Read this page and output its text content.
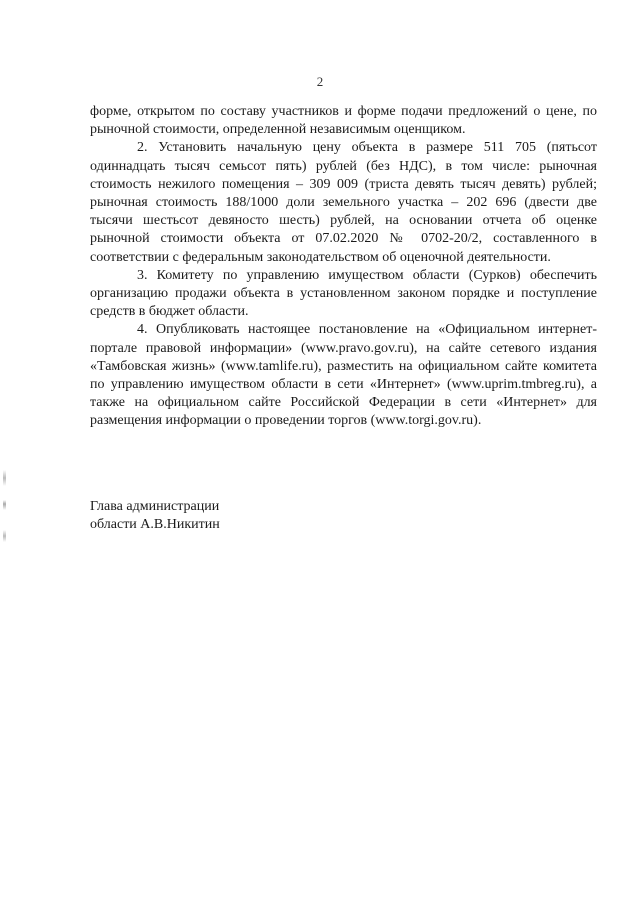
2

форме, открытом по составу участников и форме подачи предложений о цене, по рыночной стоимости, определенной независимым оценщиком.

2. Установить начальную цену объекта в размере 511 705 (пятьсот одиннадцать тысяч семьсот пять) рублей (без НДС), в том числе: рыночная стоимость нежилого помещения – 309 009 (триста девять тысяч девять) рублей; рыночная стоимость 188/1000 доли земельного участка – 202 696 (двести две тысячи шестьсот девяносто шесть) рублей, на основании отчета об оценке рыночной стоимости объекта от 07.02.2020 № 0702-20/2, составленного в соответствии с федеральным законодательством об оценочной деятельности.

3. Комитету по управлению имуществом области (Сурков) обеспечить организацию продажи объекта в установленном законом порядке и поступление средств в бюджет области.

4. Опубликовать настоящее постановление на «Официальном интернет-портале правовой информации» (www.pravo.gov.ru), на сайте сетевого издания «Тамбовская жизнь» (www.tamlife.ru), разместить на официальном сайте комитета по управлению имуществом области в сети «Интернет» (www.uprim.tmbreg.ru), а также на официальном сайте Российской Федерации в сети «Интернет» для размещения информации о проведении торгов (www.torgi.gov.ru).

Глава администрации
области А.В.Никитин
